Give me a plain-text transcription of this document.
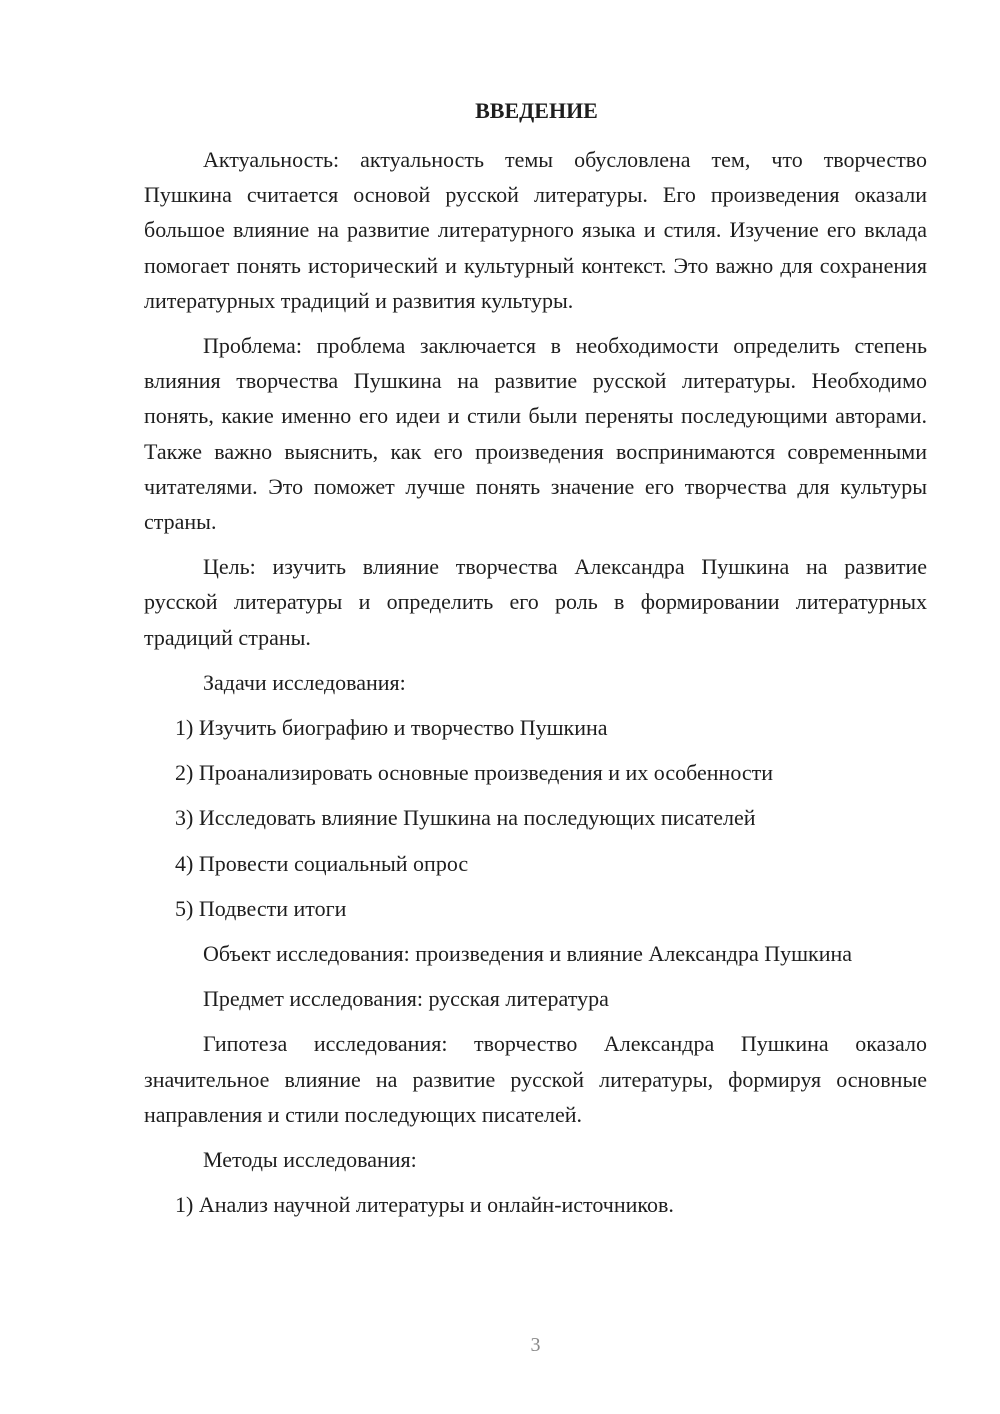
ВВЕДЕНИЕ

Актуальность: актуальность темы обусловлена тем, что творчество Пушкина считается основой русской литературы. Его произведения оказали большое влияние на развитие литературного языка и стиля. Изучение его вклада помогает понять исторический и культурный контекст. Это важно для сохранения литературных традиций и развития культуры.

Проблема: проблема заключается в необходимости определить степень влияния творчества Пушкина на развитие русской литературы. Необходимо понять, какие именно его идеи и стили были переняты последующими авторами. Также важно выяснить, как его произведения воспринимаются современными читателями. Это поможет лучше понять значение его творчества для культуры страны.

Цель: изучить влияние творчества Александра Пушкина на развитие русской литературы и определить его роль в формировании литературных традиций страны.

Задачи исследования:

1) Изучить биографию и творчество Пушкина
2) Проанализировать основные произведения и их особенности
3) Исследовать влияние Пушкина на последующих писателей
4) Провести социальный опрос
5) Подвести итоги

Объект исследования: произведения и влияние Александра Пушкина

Предмет исследования: русская литература

Гипотеза исследования: творчество Александра Пушкина оказало значительное влияние на развитие русской литературы, формируя основные направления и стили последующих писателей.

Методы исследования:

1) Анализ научной литературы и онлайн-источников.
3
